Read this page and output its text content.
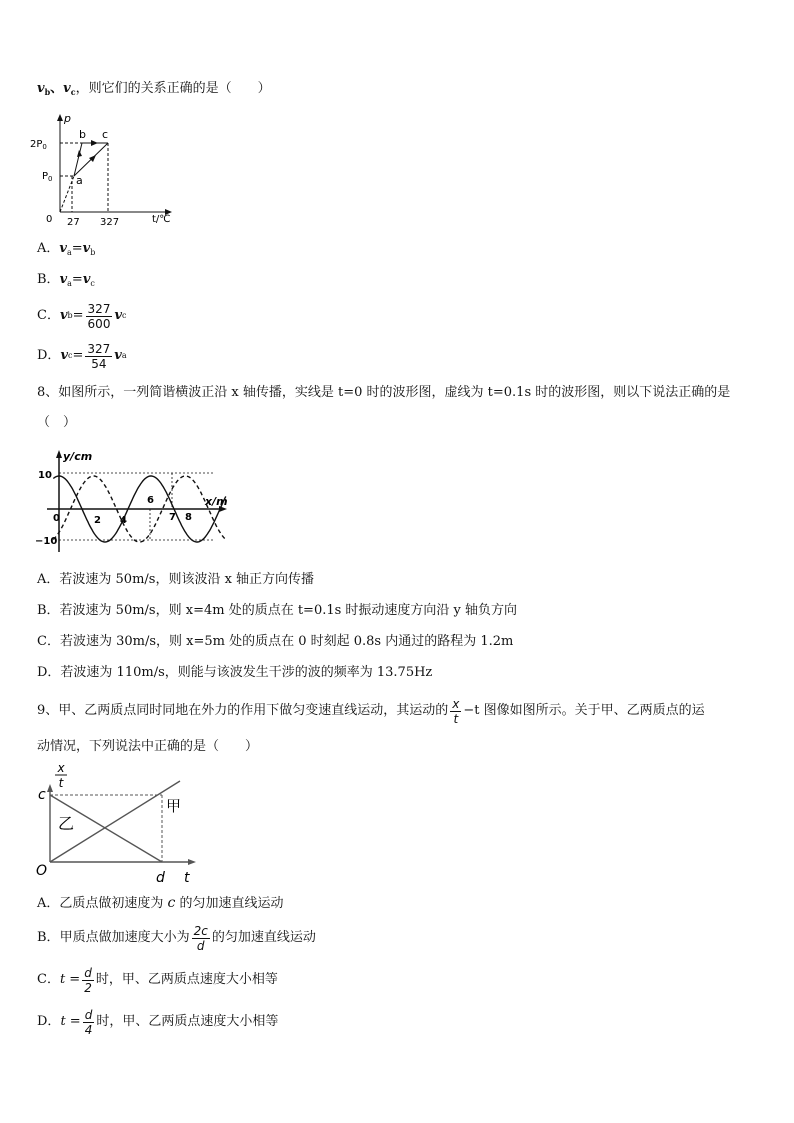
$v_b$、$v_c$，则它们的关系正确的是（　　）
p
t/℃
$2P_0$
$P_0$
0 27 327
a
b c
A．$v_a=v_b$
B．$v_a=v_c$
C． v $b = \frac{327}{600}$ v c
D． v $c = \frac{327}{54}$ v a
8、如图所示，一列简谐横波正沿 x 轴传播，实线是 t=0 时的波形图，虚线为 t=0.1s 时的波形图，则以下说法正确的是
（　）
y/cm
x/m
10
−10
0	2 4
6
7 8
A．若波速为 50m/s，则该波沿 x 轴正方向传播
B．若波速为 50m/s，则 x=4m 处的质点在 t=0.1s 时振动速度方向沿 y 轴负方向
C．若波速为 30m/s，则 x=5m 处的质点在 0 时刻起 0.8s 内通过的路程为 1.2m
D．若波速为 110m/s，则能与该波发生干涉的波的频率为 13.75Hz
9、甲、乙两质点同时同地在外力的作用下做匀变速直线运动，其运动的 $\frac{x}{t} -t$ 图像如图所示。关于甲、乙两质点的运
动情况，下列说法中正确的是（　　）
x
t
c
O	d t
甲
乙
A．乙质点做初速度为 c 的匀加速直线运动
B． 甲质点做加速度大小为 $\frac{2c}{d}$ 的匀加速直线运动
C． $t = \frac{d}{2}$ 时，甲、乙两质点速度大小相等
D． $t = \frac{d}{4}$ 时，甲、乙两质点速度大小相等
